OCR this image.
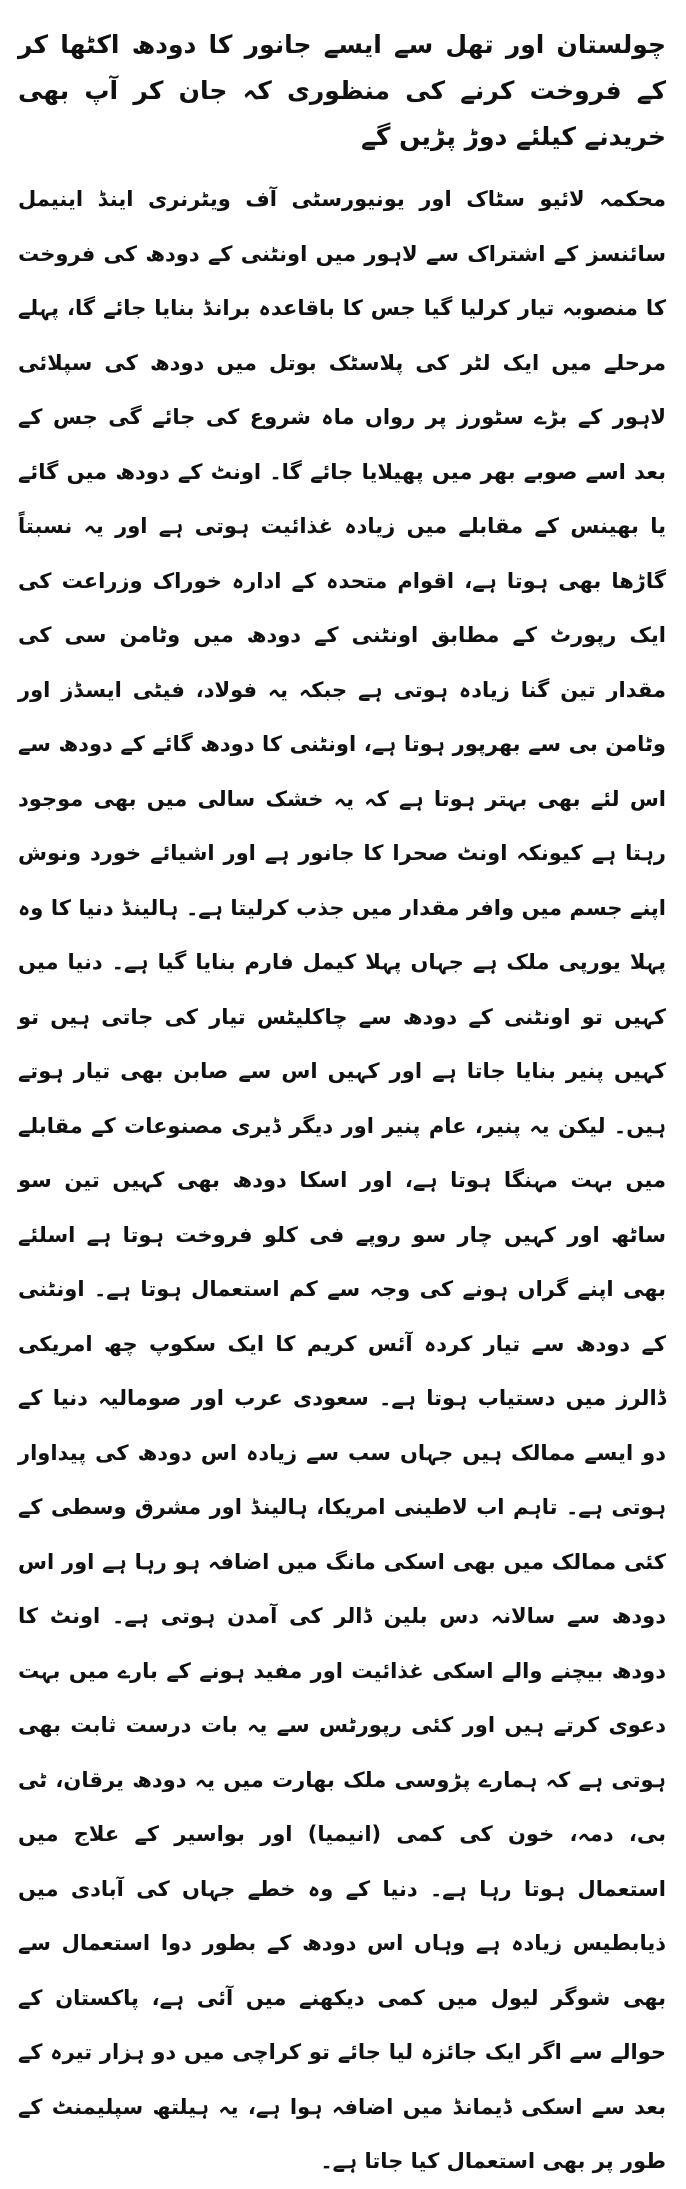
چولستان اور تھل سے ایسے جانور کا دودھ اکٹھا کر کے فروخت کرنے کی منظوری کہ جان کر آپ بھی خریدنے کیلئے دوڑ پڑیں گے

محکمہ لائیو سٹاک اور یونیورسٹی آف ویٹرنری اینڈ اینیمل سائنسز کے اشتراک سے لاہور میں اونٹنی کے دودھ کی فروخت کا منصوبہ تیار کرلیا گیا جس کا باقاعدہ برانڈ بنایا جائے گا، پہلے مرحلے میں ایک لٹر کی پلاسٹک بوتل میں دودھ کی سپلائی لاہور کے بڑے سٹورز پر رواں ماہ شروع کی جائے گی جس کے بعد اسے صوبے بھر میں پھیلایا جائے گا۔ اونٹ کے دودھ میں گائے یا بھینس کے مقابلے میں زیادہ غذائیت ہوتی ہے اور یہ نسبتاً گاڑھا بھی ہوتا ہے، اقوام متحدہ کے ادارہ خوراک وزراعت کی ایک رپورٹ کے مطابق اونٹنی کے دودھ میں وٹامن سی کی مقدار تین گنا زیادہ ہوتی ہے جبکہ یہ فولاد، فیٹی ایسڈز اور وٹامن بی سے بھرپور ہوتا ہے، اونٹنی کا دودھ گائے کے دودھ سے اس لئے بھی بہتر ہوتا ہے کہ یہ خشک سالی میں بھی موجود رہتا ہے کیونکہ اونٹ صحرا کا جانور ہے اور اشیائے خورد ونوش اپنے جسم میں وافر مقدار میں جذب کرلیتا ہے۔ ہالینڈ دنیا کا وہ پہلا یورپی ملک ہے جہاں پہلا کیمل فارم بنایا گیا ہے۔ دنیا میں کہیں تو اونٹنی کے دودھ سے چاکلیٹس تیار کی جاتی ہیں تو کہیں پنیر بنایا جاتا ہے اور کہیں اس سے صابن بھی تیار ہوتے ہیں۔ لیکن یہ پنیر، عام پنیر اور دیگر ڈیری مصنوعات کے مقابلے میں بہت مہنگا ہوتا ہے، اور اسکا دودھ بھی کہیں تین سو ساٹھ اور کہیں چار سو روپے فی کلو فروخت ہوتا ہے اسلئے بھی اپنے گراں ہونے کی وجہ سے کم استعمال ہوتا ہے۔ اونٹنی کے دودھ سے تیار کردہ آئس کریم کا ایک سکوپ چھ امریکی ڈالرز میں دستیاب ہوتا ہے۔ سعودی عرب اور صومالیہ دنیا کے دو ایسے ممالک ہیں جہاں سب سے زیادہ اس دودھ کی پیداوار ہوتی ہے۔ تاہم اب لاطینی امریکا، ہالینڈ اور مشرق وسطی کے کئی ممالک میں بھی اسکی مانگ میں اضافہ ہو رہا ہے اور اس دودھ سے سالانہ دس بلین ڈالر کی آمدن ہوتی ہے۔ اونٹ کا دودھ بیچنے والے اسکی غذائیت اور مفید ہونے کے بارے میں بہت دعوی کرتے ہیں اور کئی رپورٹس سے یہ بات درست ثابت بھی ہوتی ہے کہ ہمارے پڑوسی ملک بھارت میں یہ دودھ یرقان، ٹی بی، دمہ، خون کی کمی (انیمیا) اور بواسیر کے علاج میں استعمال ہوتا رہا ہے۔ دنیا کے وہ خطے جہاں کی آبادی میں ذیابطیس زیادہ ہے وہاں اس دودھ کے بطور دوا استعمال سے بھی شوگر لیول میں کمی دیکھنے میں آئی ہے، پاکستان کے حوالے سے اگر ایک جائزہ لیا جائے تو کراچی میں دو ہزار تیرہ کے بعد سے اسکی ڈیمانڈ میں اضافہ ہوا ہے، یہ ہیلتھ سپلیمنٹ کے طور پر بھی استعمال کیا جاتا ہے۔
